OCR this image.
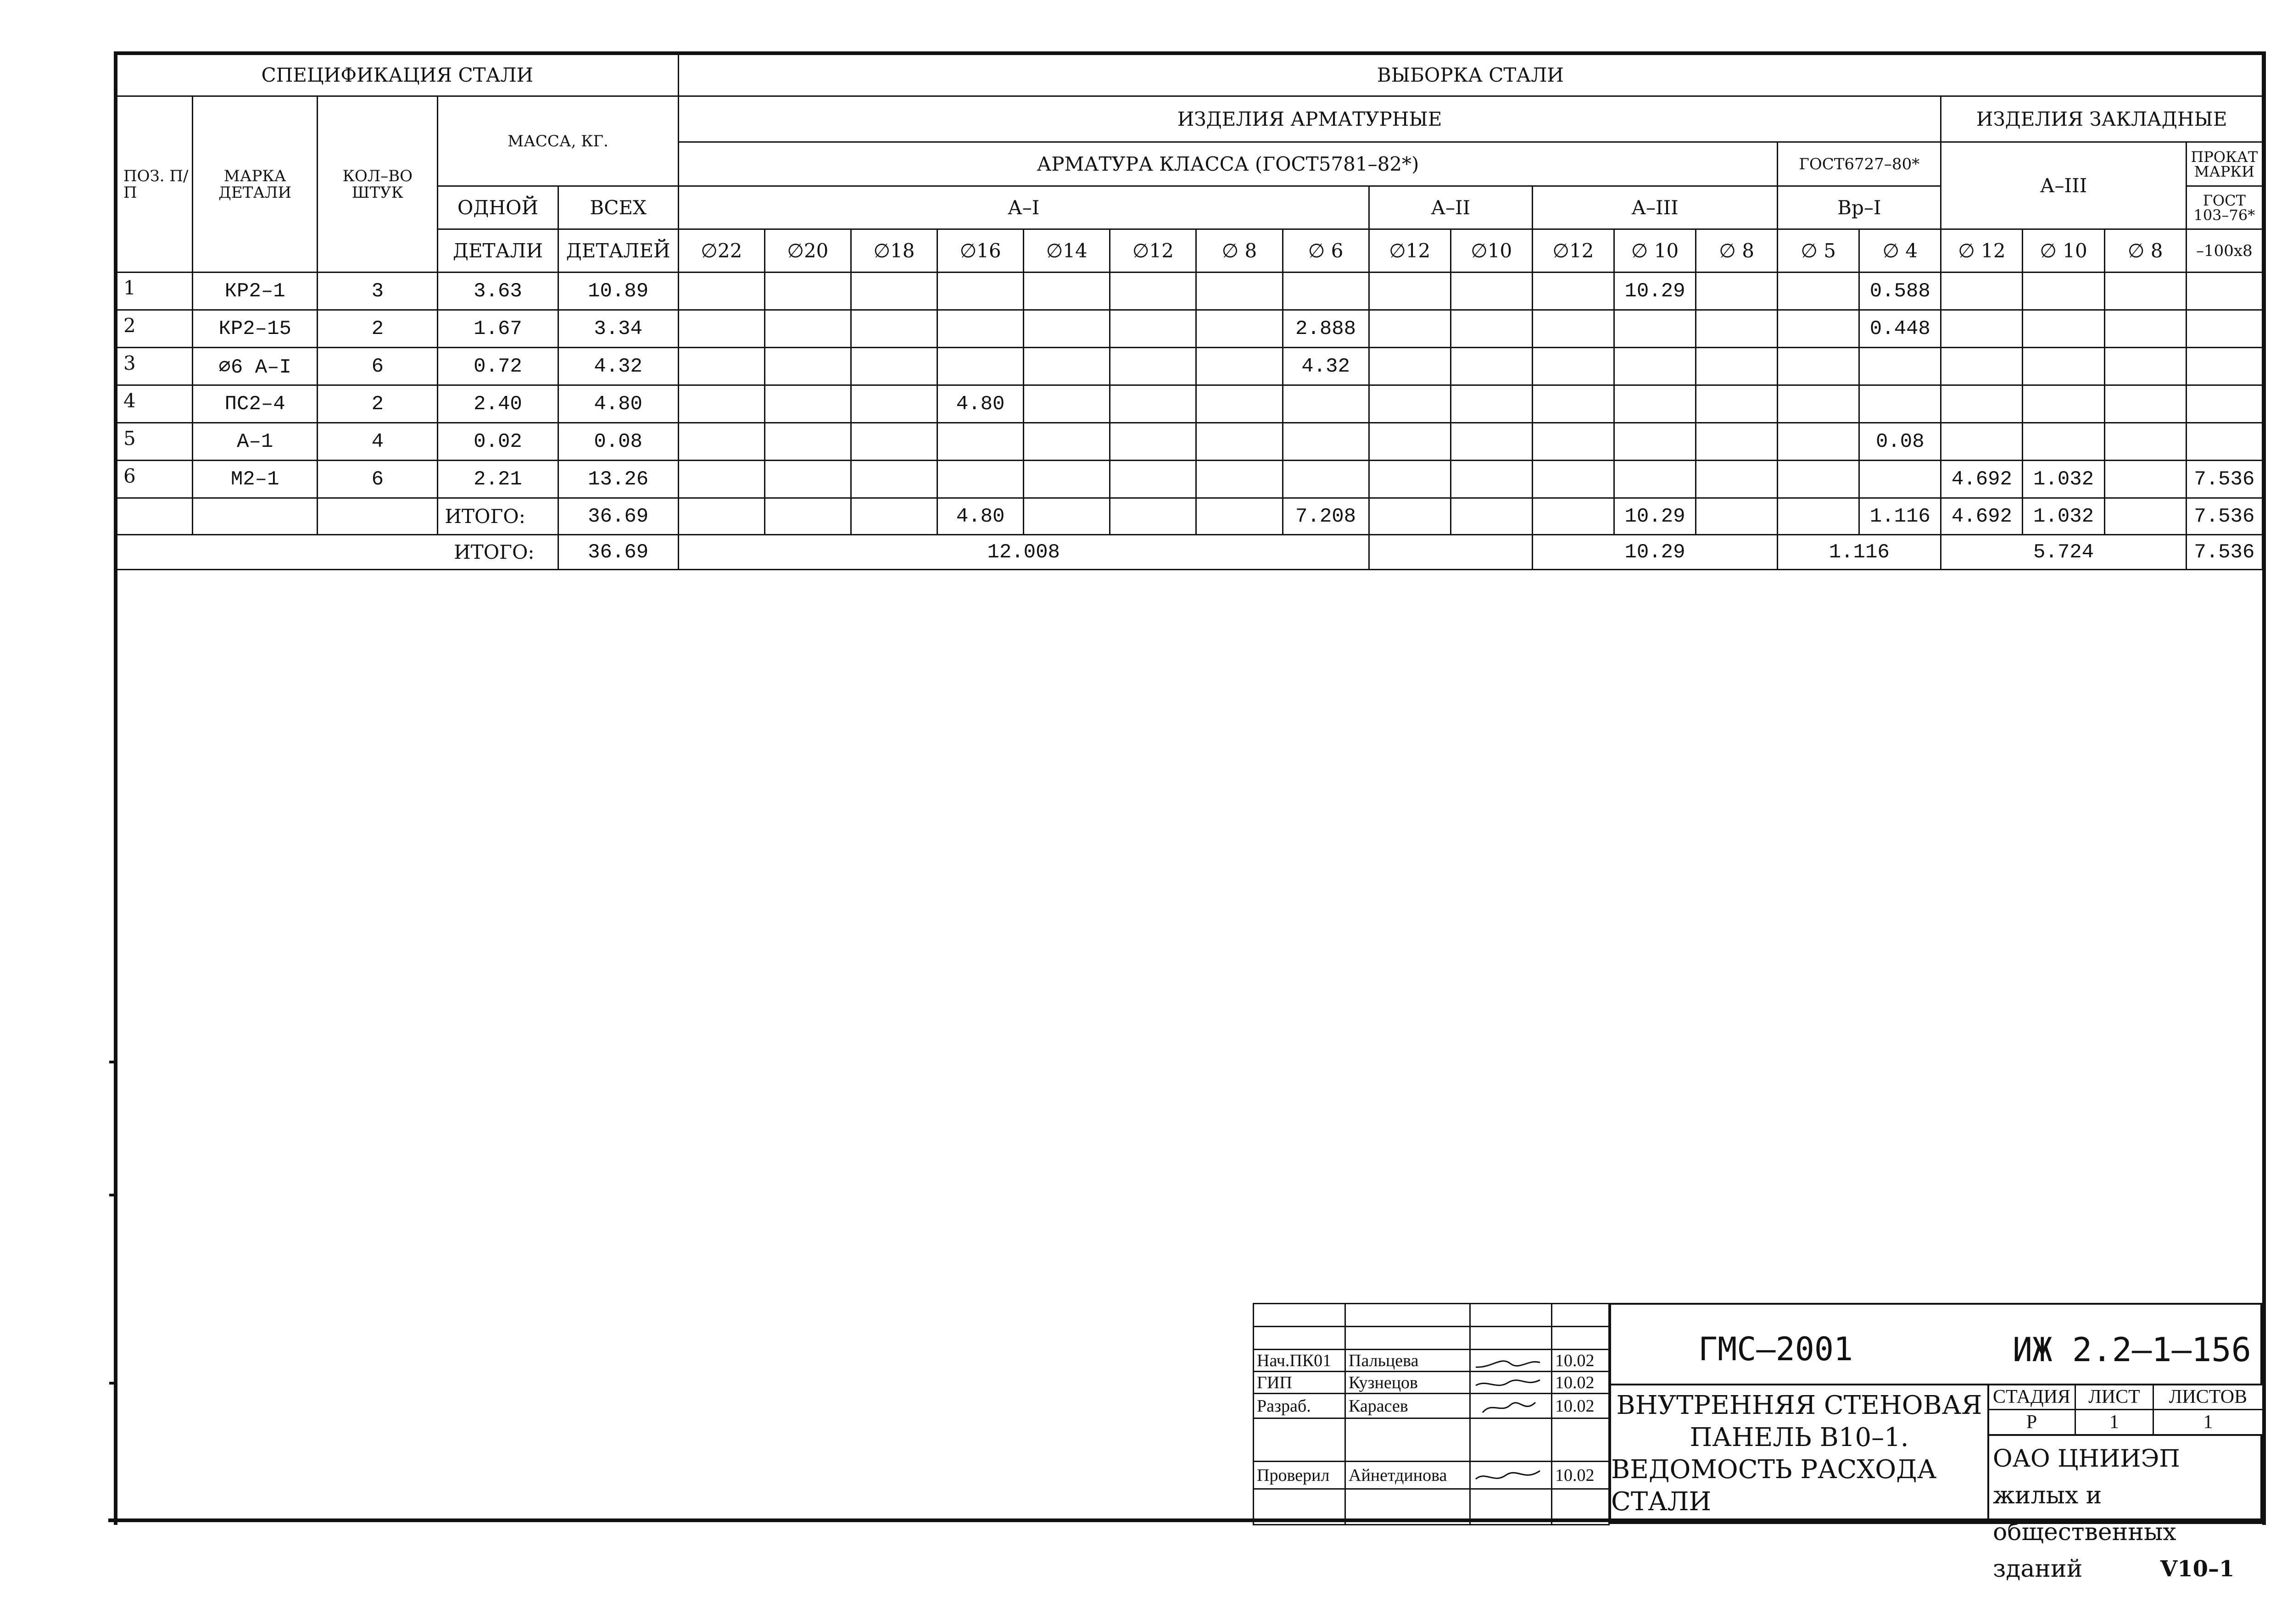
СПЕЦИФИКАЦИЯ СТАЛИ					ВЫБОРКА СТАЛИ																		
ПОЗ. П/П	МАРКА ДЕТАЛИ	КОЛ–ВО ШТУК	МАССА, КГ.		ИЗДЕЛИЯ АРМАТУРНЫЕ															ИЗДЕЛИЯ ЗАКЛАДНЫЕ			
					АРМАТУРА КЛАССА (ГОСТ5781–82*)													ГОСТ6727–80*		А–III			ПРОКАТ МАРКИ
			ОДНОЙ	ВСЕХ	А–I								А–II		А–III			Вр–I					ГОСТ 103–76*
			ДЕТАЛИ	ДЕТАЛЕЙ	∅22	∅20	∅18	∅16	∅14	∅12	∅ 8	∅ 6	∅12	∅10	∅12	∅ 10	∅ 8	∅ 5	∅ 4	∅ 12	∅ 10	∅ 8	–100х8
1	КР2–1	3	3.63	10.89												10.29			0.588				
2	КР2–15	2	1.67	3.34								2.888							0.448				
3	∅6 А–I	6	0.72	4.32								4.32											
4	ПС2–4	2	2.40	4.80				4.80															
5	А–1	4	0.02	0.08															0.08				
6	М2–1	6	2.21	13.26																4.692	1.032		7.536
			ИТОГО:	36.69				4.80				7.208				10.29			1.116	4.692	1.032		7.536
ИТОГО:				36.69	12.008										10.29			1.116		5.724			7.536

Нач.ПК01	Пальцева		10.02
ГИП	Кузнецов		10.02
Разраб.	Карасев		10.02

Проверил	Айнетдинова		10.02

ГМС–2001	ИЖ 2.2–1–156
ВНУТРЕННЯЯ СТЕНОВАЯ
ПАНЕЛЬ В10–1.
ВЕДОМОСТЬ РАСХОДА СТАЛИ
СТАДИЯ	ЛИСТ	ЛИСТОВ
Р	1	1
ОАО ЦНИИЭП жилых и
общественных зданий	V10–1
